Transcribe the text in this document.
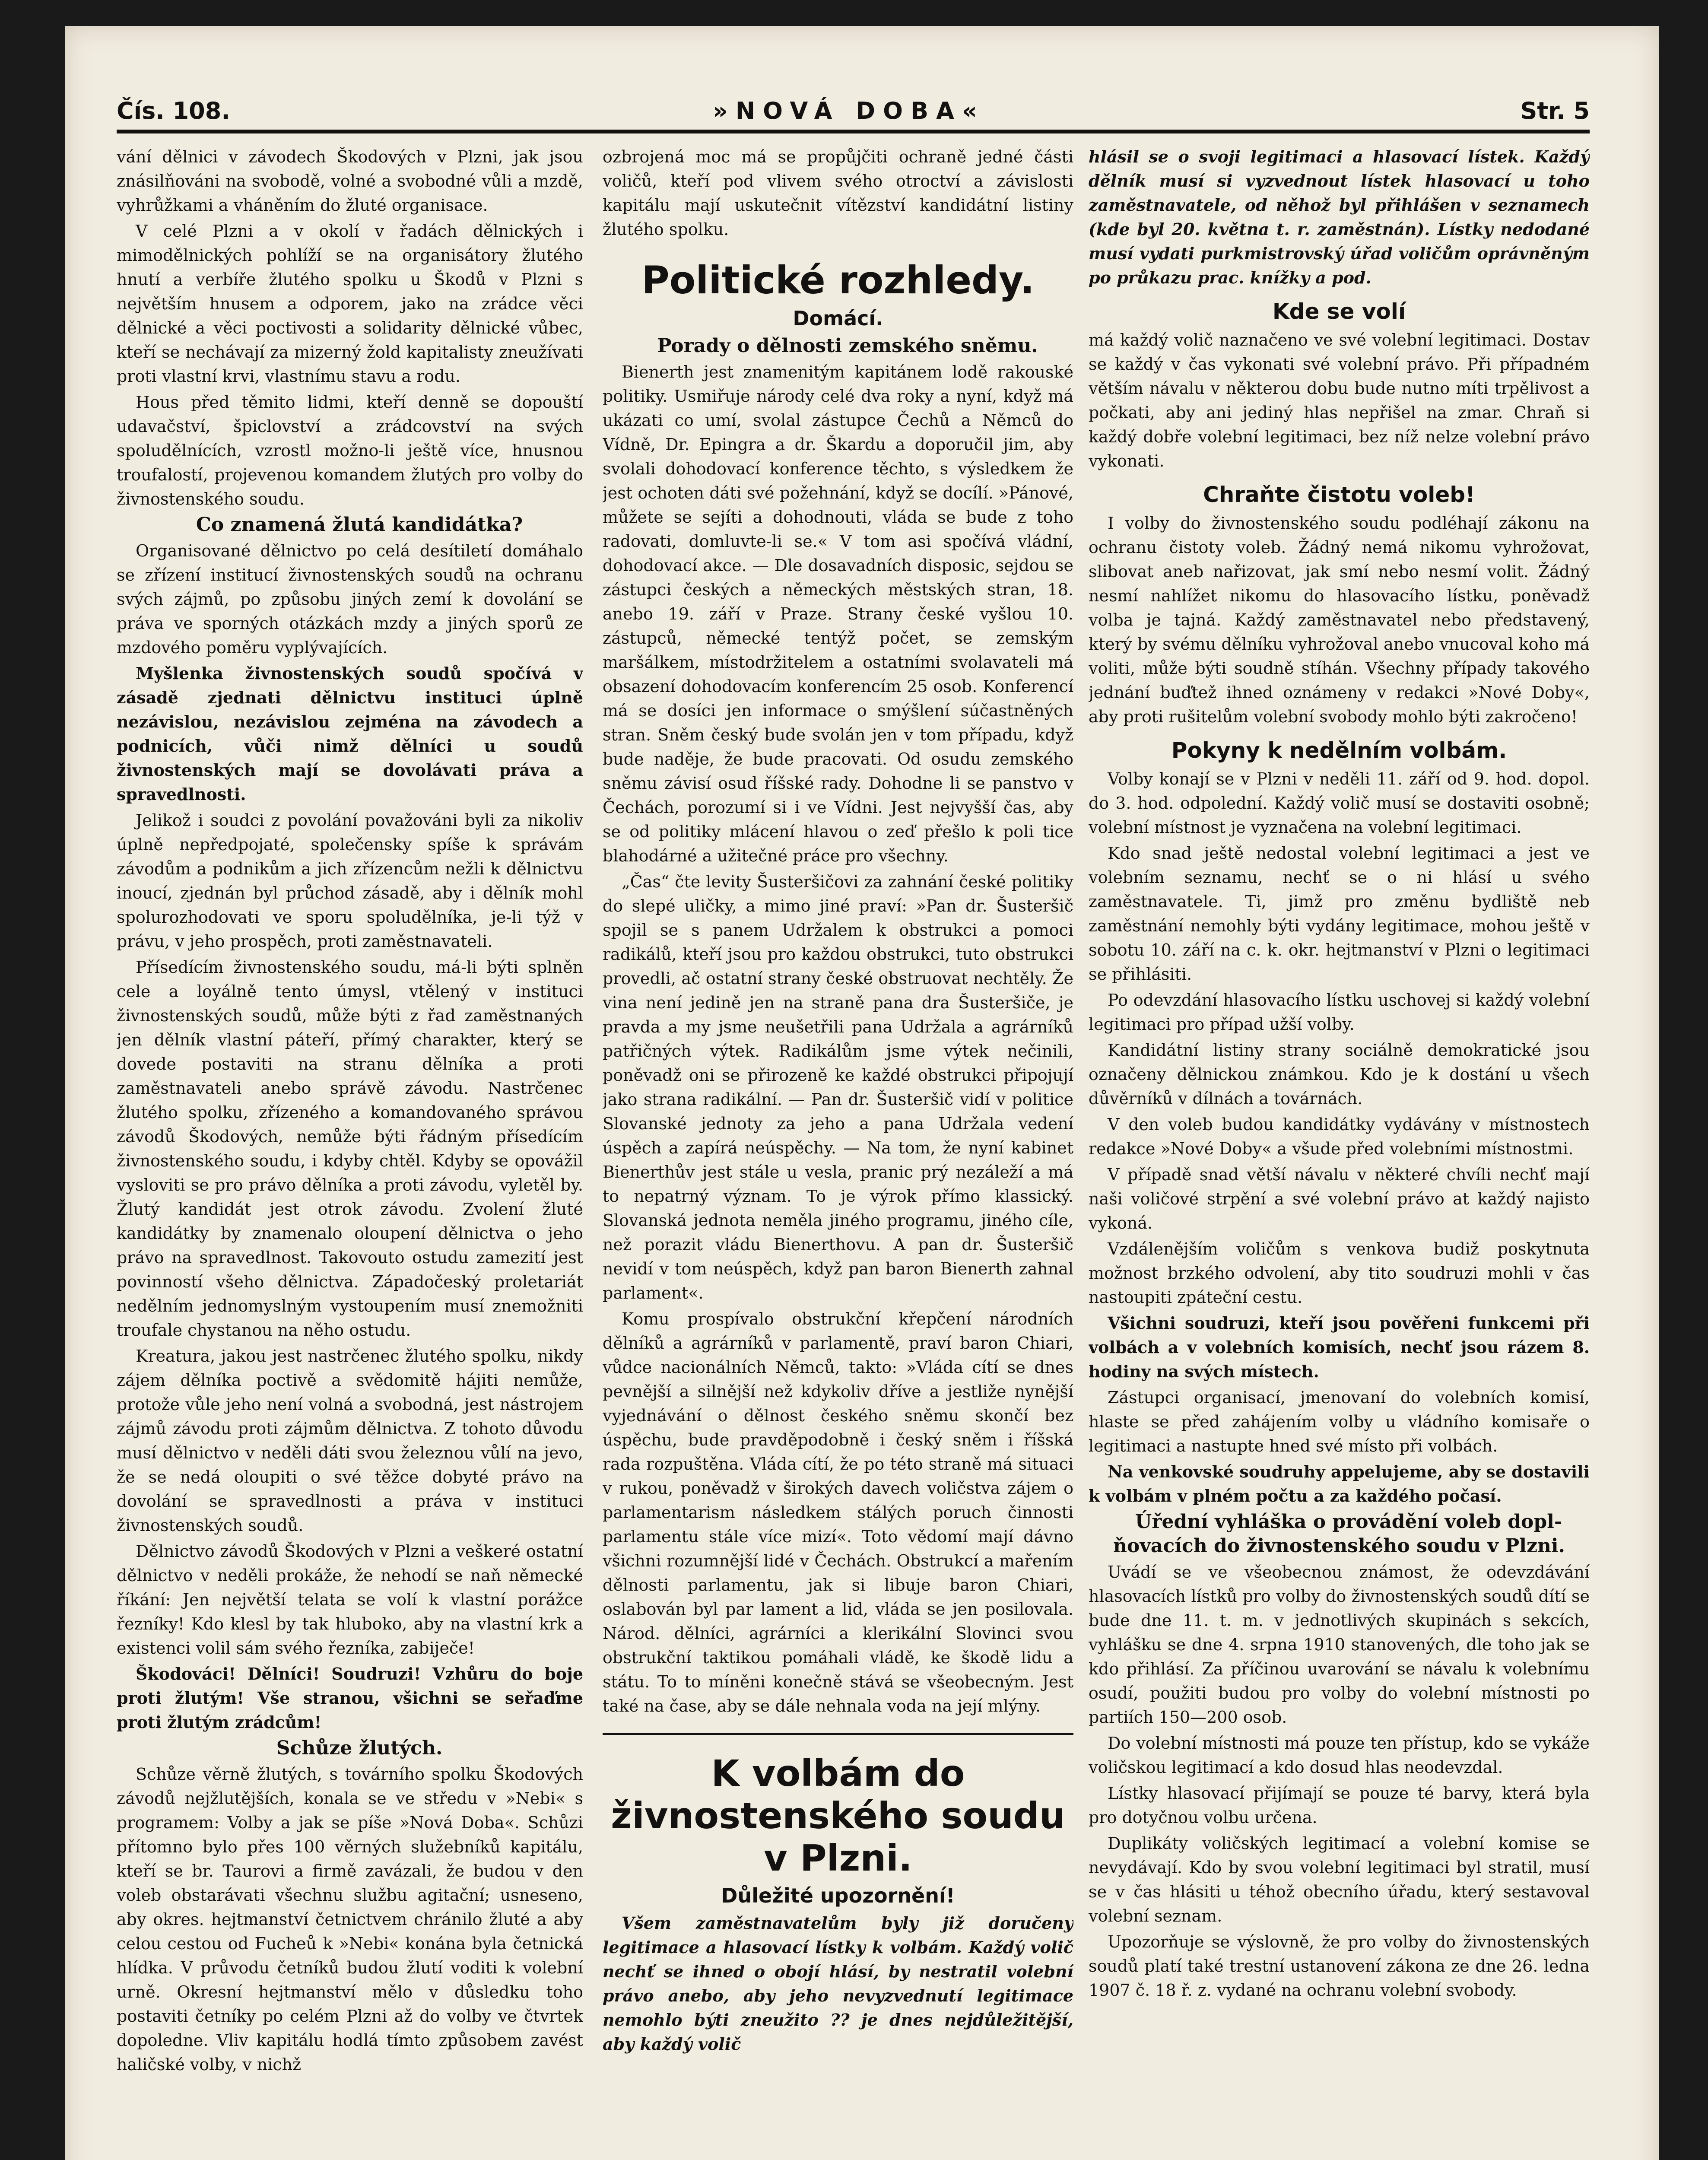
Čís. 108.	»NOVÁ DOBA«	Str. 5

vání dělnici v závodech Škodových v Plzni, jak jsou znásilňováni na svobodě, volné a svobodné vůli a mzdě, vyhrůžkami a vháněním do žluté organisace.

V celé Plzni a v okolí v řadách dělnických i mimodělnických pohlíží se na organisátory žlutého hnutí a verbíře žlutého spolku u Škodů v Plzni s největším hnusem a odporem, jako na zrádce věci dělnické a věci poctivosti a solidarity dělnické vůbec, kteří se nechávají za mizerný žold kapitalisty zneužívati proti vlastní krvi, vlastnímu stavu a rodu.

Hous před těmito lidmi, kteří denně se dopouští udavačství, špiclovství a zrádcovství na svých spoludělnících, vzrostl možno-li ještě více, hnusnou troufalostí, projevenou komandem žlutých pro volby do živnostenského soudu.

Co znamená žlutá kandidátka?

Organisované dělnictvo po celá desítiletí domáhalo se zřízení institucí živnostenských soudů na ochranu svých zájmů, po způsobu jiných zemí k dovolání se práva ve sporných otázkách mzdy a jiných sporů ze mzdového poměru vyplývajících.

Myšlenka živnostenských soudů spočívá v zásadě zjednati dělnictvu instituci úplně nezávislou, nezávislou zejména na závodech a podnicích, vůči nimž dělníci u soudů živnostenských mají se dovolávati práva a spravedlnosti.

Jelikož i soudci z povolání považováni byli za nikoliv úplně nepředpojaté, společensky spíše k správám závodům a podnikům a jich zřízencům nežli k dělnictvu inoucí, zjednán byl průchod zásadě, aby i dělník mohl spolurozhodovati ve sporu spoludělníka, je-li týž v právu, v jeho prospěch, proti zaměstnavateli.

Přísedícím živnostenského soudu, má-li býti splněn cele a loyálně tento úmysl, vtělený v instituci živnostenských soudů, může býti z řad zaměstnaných jen dělník vlastní páteří, přímý charakter, který se dovede postaviti na stranu dělníka a proti zaměstnavateli anebo správě závodu. Nastrčenec žlutého spolku, zřízeného a komandovaného správou závodů Škodových, nemůže býti řádným přísedícím živnostenského soudu, i kdyby chtěl. Kdyby se opovážil vysloviti se pro právo dělníka a proti závodu, vyletěl by. Žlutý kandidát jest otrok závodu. Zvolení žluté kandidátky by znamenalo oloupení dělnictva o jeho právo na spravedlnost. Takovouto ostudu zamezití jest povinností všeho dělnictva. Západočeský proletariát nedělním jednomyslným vystoupením musí znemožniti troufale chystanou na něho ostudu.

Kreatura, jakou jest nastrčenec žlutého spolku, nikdy zájem dělníka poctivě a svědomitě hájiti nemůže, protože vůle jeho není volná a svobodná, jest nástrojem zájmů závodu proti zájmům dělnictva. Z tohoto důvodu musí dělnictvo v neděli dáti svou železnou vůlí na jevo, že se nedá oloupiti o své těžce dobyté právo na dovolání se spravedlnosti a práva v instituci živnostenských soudů.

Dělnictvo závodů Škodových v Plzni a veškeré ostatní dělnictvo v neděli prokáže, že nehodí se naň německé říkání: Jen největší telata se volí k vlastní porážce řezníky! Kdo klesl by tak hluboko, aby na vlastní krk a existenci volil sám svého řezníka, zabiječe!

Škodováci! Dělníci! Soudruzi! Vzhůru do boje proti žlutým! Vše stranou, všichni se seřaďme proti žlutým zrádcům!

Schůze žlutých.

Schůze věrně žlutých, s továrního spolku Škodových závodů nejžlutějších, konala se ve středu v »Nebi« s programem: Volby a jak se píše »Nová Doba«. Schůzi přítomno bylo přes 100 věrných služebníků kapitálu, kteří se br. Taurovi a firmě zavázali, že budou v den voleb obstarávati všechnu službu agitační; usneseno, aby okres. hejtmanství četnictvem chránilo žluté a aby celou cestou od Fucheů k »Nebi« konána byla četnická hlídka. V průvodu četníků budou žlutí voditi k volební urně. Okresní hejtmanství mělo v důsledku toho postaviti četníky po celém Plzni až do volby ve čtvrtek dopoledne. Vliv kapitálu hodlá tímto způsobem zavést haličské volby, v nichž

ozbrojená moc má se propůjčiti ochraně jedné části voličů, kteří pod vlivem svého otroctví a závislosti kapitálu mají uskutečnit vítězství kandidátní listiny žlutého spolku.

Politické rozhledy.
Domácí.

Porady o dělnosti zemského sněmu.

Bienerth jest znamenitým kapitánem lodě rakouské politiky. Usmiřuje národy celé dva roky a nyní, když má ukázati co umí, svolal zástupce Čechů a Němců do Vídně, Dr. Epingra a dr. Škardu a doporučil jim, aby svolali dohodovací konference těchto, s výsledkem že jest ochoten dáti své požehnání, když se docílí. »Pánové, můžete se sejíti a dohodnouti, vláda se bude z toho radovati, domluvte-li se.« V tom asi spočívá vládní, dohodovací akce. — Dle dosavadních disposic, sejdou se zástupci českých a německých městských stran, 18. anebo 19. září v Praze. Strany české vyšlou 10. zástupců, německé tentýž počet, se zemským maršálkem, místodržitelem a ostatními svolavateli má obsazení dohodovacím konferencím 25 osob. Konferencí má se dosíci jen informace o smýšlení súčastněných stran. Sněm český bude svolán jen v tom případu, když bude naděje, že bude pracovati. Od osudu zemského sněmu závisí osud říšské rady. Dohodne li se panstvo v Čechách, porozumí si i ve Vídni. Jest nejvyšší čas, aby se od politiky mlácení hlavou o zeď přešlo k poli tice blahodárné a užitečné práce pro všechny.

„Čas“ čte levity Šusteršičovi za zahnání české politiky do slepé uličky, a mimo jiné praví: »Pan dr. Šusteršič spojil se s panem Udržalem k obstrukci a pomoci radikálů, kteří jsou pro každou obstrukci, tuto obstrukci provedli, ač ostatní strany české obstruovat nechtěly. Že vina není jedině jen na straně pana dra Šusteršiče, je pravda a my jsme neušetřili pana Udržala a agrárníků patřičných výtek. Radikálům jsme výtek nečinili, poněvadž oni se přirozeně ke každé obstrukci připojují jako strana radikální. — Pan dr. Šusteršič vidí v politice Slovanské jednoty za jeho a pana Udržala vedení úspěch a zapírá neúspěchy. — Na tom, že nyní kabinet Bienerthův jest stále u vesla, pranic prý nezáleží a má to nepatrný význam. To je výrok přímo klassický. Slovanská jednota neměla jiného programu, jiného cíle, než porazit vládu Bienerthovu. A pan dr. Šusteršič nevidí v tom neúspěch, když pan baron Bienerth zahnal parlament«.

Komu prospívalo obstrukční křepčení národních dělníků a agrárníků v parlamentě, praví baron Chiari, vůdce nacionálních Němců, takto: »Vláda cítí se dnes pevnější a silnější než kdykoliv dříve a jestliže nynější vyjednávání o dělnost českého sněmu skončí bez úspěchu, bude pravděpodobně i český sněm i říšská rada rozpuštěna. Vláda cítí, že po této straně má situaci v rukou, poněvadž v širokých davech voličstva zájem o parlamentarism následkem stálých poruch činnosti parlamentu stále více mizí«. Toto vědomí mají dávno všichni rozumnější lidé v Čechách. Obstrukcí a mařením dělnosti parlamentu, jak si libuje baron Chiari, oslabován byl par lament a lid, vláda se jen posilovala. Národ. dělníci, agrárníci a klerikální Slovinci svou obstrukční taktikou pomáhali vládě, ke škodě lidu a státu. To to míněni konečně stává se všeobecným. Jest také na čase, aby se dále nehnala voda na její mlýny.

K volbám do živnostenského soudu v Plzni.
Důležité upozornění!

Všem zaměstnavatelům byly již doručeny legitimace a hlasovací lístky k volbám. Každý volič nechť se ihned o obojí hlásí, by nestratil volební právo anebo, aby jeho nevyzvednutí legitimace nemohlo býti zneužito ?? je dnes nejdůležitější, aby každý volič

hlásil se o svoji legitimaci a hlasovací lístek. Každý dělník musí si vyzvednout lístek hlasovací u toho zaměstnavatele, od něhož byl přihlášen v seznamech (kde byl 20. května t. r. zaměstnán). Lístky nedodané musí vydati purkmistrovský úřad voličům oprávněným po průkazu prac. knížky a pod.

Kde se volí

má každý volič naznačeno ve své volební legitimaci. Dostav se každý v čas vykonati své volební právo. Při případném větším návalu v některou dobu bude nutno míti trpělivost a počkati, aby ani jediný hlas nepřišel na zmar. Chraň si každý dobře volební legitimaci, bez níž nelze volební právo vykonati.

Chraňte čistotu voleb!

I volby do živnostenského soudu podléhají zákonu na ochranu čistoty voleb. Žádný nemá nikomu vyhrožovat, slibovat aneb nařizovat, jak smí nebo nesmí volit. Žádný nesmí nahlížet nikomu do hlasovacího lístku, poněvadž volba je tajná. Každý zaměstnavatel nebo představený, který by svému dělníku vyhrožoval anebo vnucoval koho má voliti, může býti soudně stíhán. Všechny případy takového jednání buďtež ihned oznámeny v redakci »Nové Doby«, aby proti rušitelům volební svobody mohlo býti zakročeno!

Pokyny k nedělním volbám.

Volby konají se v Plzni v neděli 11. září od 9. hod. dopol. do 3. hod. odpolední. Každý volič musí se dostaviti osobně; volební místnost je vyznačena na volební legitimaci.

Kdo snad ještě nedostal volební legitimaci a jest ve volebním seznamu, nechť se o ni hlásí u svého zaměstnavatele. Ti, jimž pro změnu bydliště neb zaměstnání nemohly býti vydány legitimace, mohou ještě v sobotu 10. září na c. k. okr. hejtmanství v Plzni o legitimaci se přihlásiti.

Po odevzdání hlasovacího lístku uschovej si každý volební legitimaci pro případ užší volby.

Kandidátní listiny strany sociálně demokratické jsou označeny dělnickou známkou. Kdo je k dostání u všech důvěrníků v dílnách a továrnách.

V den voleb budou kandidátky vydávány v místnostech redakce »Nové Doby« a všude před volebními místnostmi.

V případě snad větší návalu v některé chvíli nechť mají naši voličové strpění a své volební právo at každý najisto vykoná.

Vzdálenějším voličům s venkova budiž poskytnuta možnost brzkého odvolení, aby tito soudruzi mohli v čas nastoupiti zpáteční cestu.

Všichni soudruzi, kteří jsou pověřeni funkcemi při volbách a v volebních komisích, nechť jsou rázem 8. hodiny na svých místech.

Zástupci organisací, jmenovaní do volebních komisí, hlaste se před zahájením volby u vládního komisaře o legitimaci a nastupte hned své místo při volbách.

Na venkovské soudruhy appelujeme, aby se dostavili k volbám v plném počtu a za každého počasí.

Úřední vyhláška o provádění voleb dopl- ňovacích do živnostenského soudu v Plzni.

Uvádí se ve všeobecnou známost, že odevzdávání hlasovacích lístků pro volby do živnostenských soudů dítí se bude dne 11. t. m. v jednotlivých skupinách s sekcích, vyhlášku se dne 4. srpna 1910 stanovených, dle toho jak se kdo přihlásí. Za příčinou uvarování se návalu k volebnímu osudí, použiti budou pro volby do volební místnosti po partiích 150—200 osob.

Do volební místnosti má pouze ten přístup, kdo se vykáže voličskou legitimací a kdo dosud hlas neodevzdal.

Lístky hlasovací přijímají se pouze té barvy, která byla pro dotyčnou volbu určena.

Duplikáty voličských legitimací a volební komise se nevydávají. Kdo by svou volební legitimaci byl stratil, musí se v čas hlásiti u téhož obecního úřadu, který sestavoval volební seznam.

Upozorňuje se výslovně, že pro volby do živnostenských soudů platí také trestní ustanovení zákona ze dne 26. ledna 1907 č. 18 ř. z. vydané na ochranu volební svobody.
